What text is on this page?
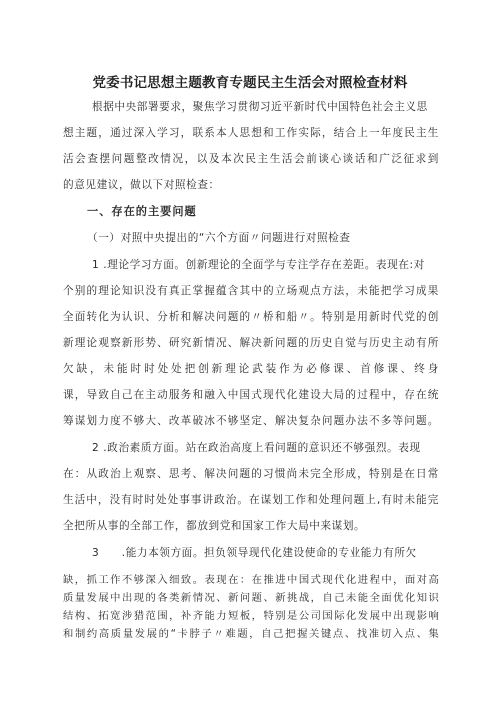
党委书记思想主题教育专题民主生活会对照检查材料
根据中央部署要求，聚焦学习贯彻习近平新时代中国特色社会主义思
想主题，通过深入学习，联系本人思想和工作实际，结合上一年度民主生
活会查摆问题整改情况，以及本次民主生活会前谈心谈话和广泛征求到
的意见建议，做以下对照检查：
一、存在的主要问题
（一）对照中央提出的“六个方面〃问题进行对照检查
1 .理论学习方面。创新理论的全面学与专注学存在差距。表现在:对
个别的理论知识没有真正掌握蕴含其中的立场观点方法，未能把学习成果
全面转化为认识、分析和解决问题的〃桥和船〃。特别是用新时代党的创
新理论观察新形势、研究新情况、解决新问题的历史自觉与历史主动有所
欠缺，未能时时处处把创新理论武装作为必修课、首修课、终身
课，导致自己在主动服务和融入中国式现代化建设大局的过程中，存在统
筹谋划力度不够大、改革破冰不够坚定、解决复杂问题办法不多等问题。
2 .政治素质方面。站在政治高度上看问题的意识还不够强烈。表现
在：从政治上观察、思考、解决问题的习惯尚未完全形成，特别是在日常
生活中，没有时时处处事事讲政治。在谋划工作和处理问题上,有时未能完
全把所从事的全部工作，都放到党和国家工作大局中来谋划。
3　　.能力本领方面。担负领导现代化建设使命的专业能力有所欠
缺，抓工作不够深入细致。表现在：在推进中国式现代化进程中，面对高
质量发展中出现的各类新情况、新问题、新挑战，自己未能全面优化知识
结构、拓宽涉猎范围，补齐能力短板，特别是公司国际化发展中出现影响
和制约高质量发展的“卡脖子〃难题，自己把握关键点、找准切入点、集
